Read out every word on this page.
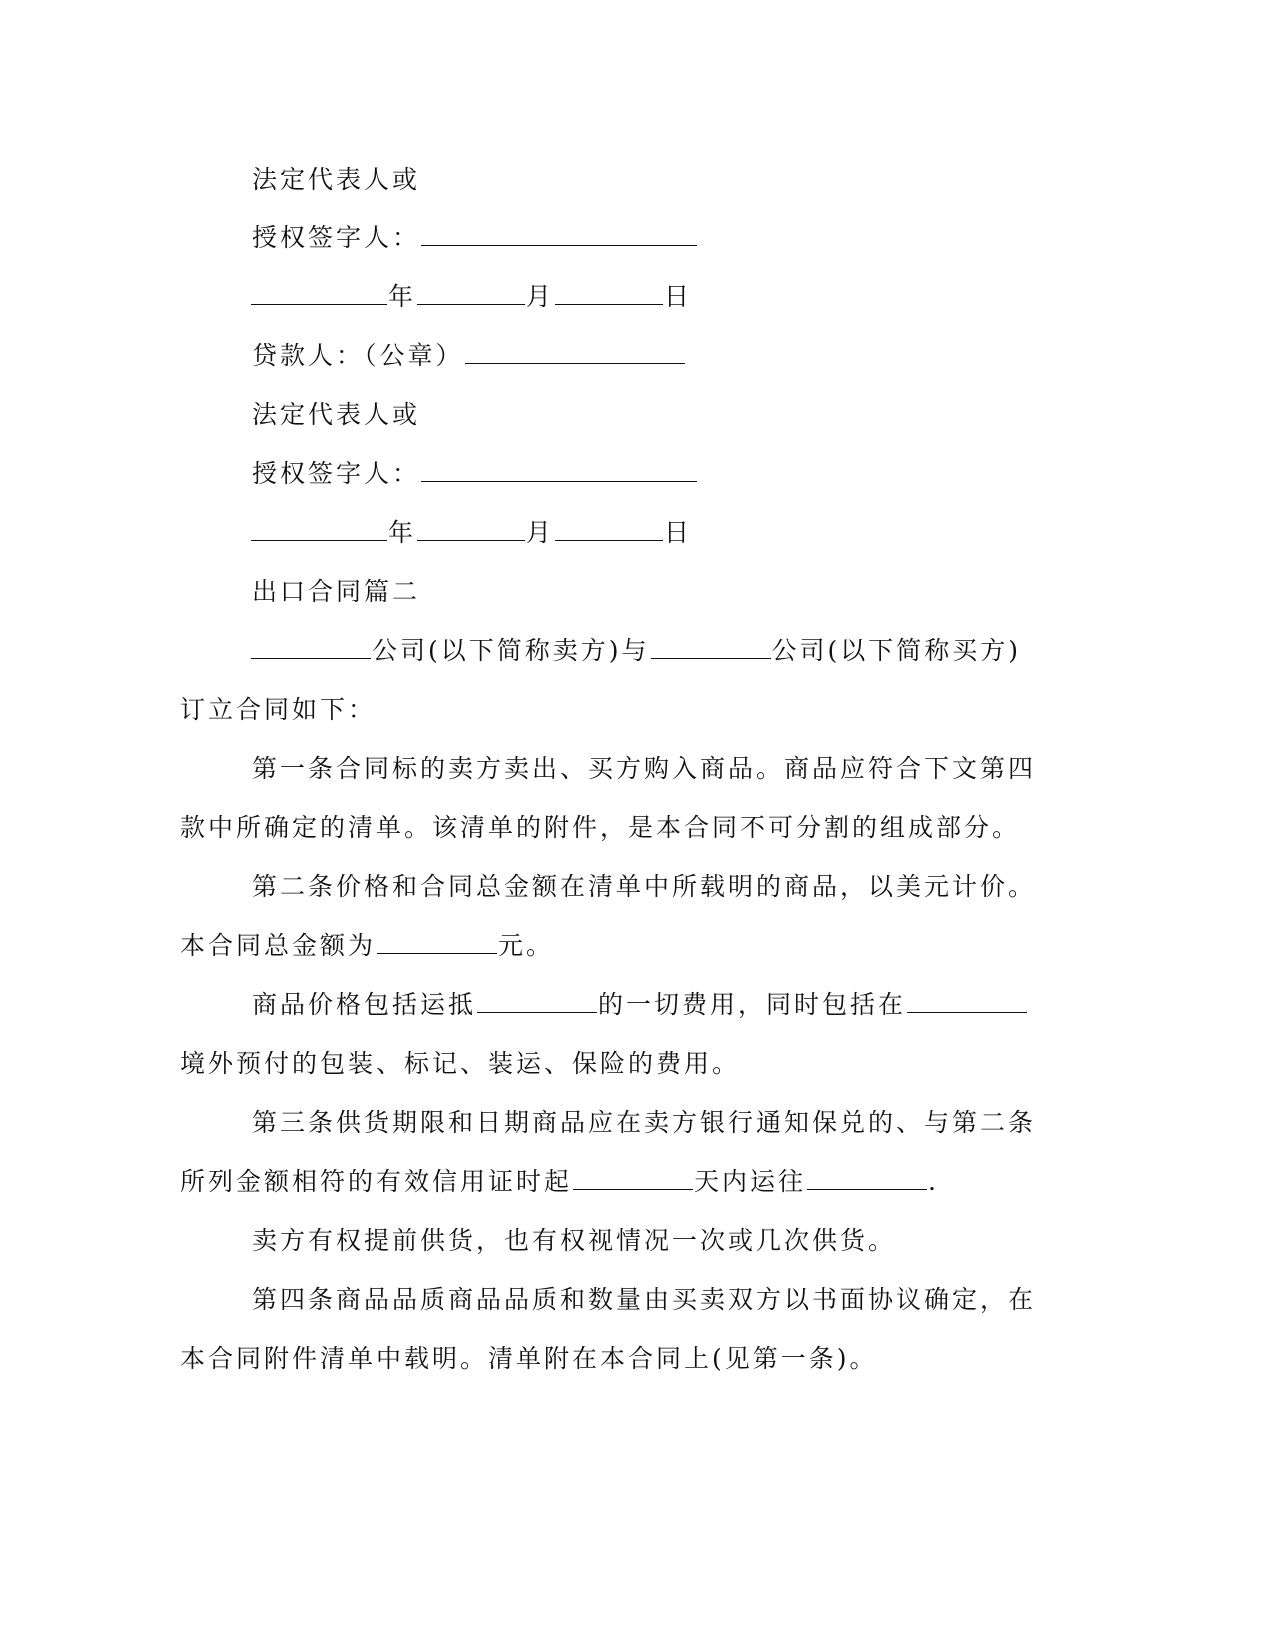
法定代表人或
授权签字人：
年	月	日
贷款人：（公章）
法定代表人或
授权签字人：
年	月	日
出口合同篇二
公司(以下简称卖方)与	公司(以下简称买方)
订立合同如下：
第一条合同标的卖方卖出、买方购入商品。商品应符合下文第四
款中所确定的清单。该清单的附件，是本合同不可分割的组成部分。
第二条价格和合同总金额在清单中所载明的商品，以美元计价。
本合同总金额为	元。
商品价格包括运抵	的一切费用，同时包括在
境外预付的包装、标记、装运、保险的费用。
第三条供货期限和日期商品应在卖方银行通知保兑的、与第二条
所列金额相符的有效信用证时起	天内运往	.
卖方有权提前供货，也有权视情况一次或几次供货。
第四条商品品质商品品质和数量由买卖双方以书面协议确定，在
本合同附件清单中载明。清单附在本合同上(见第一条)。
